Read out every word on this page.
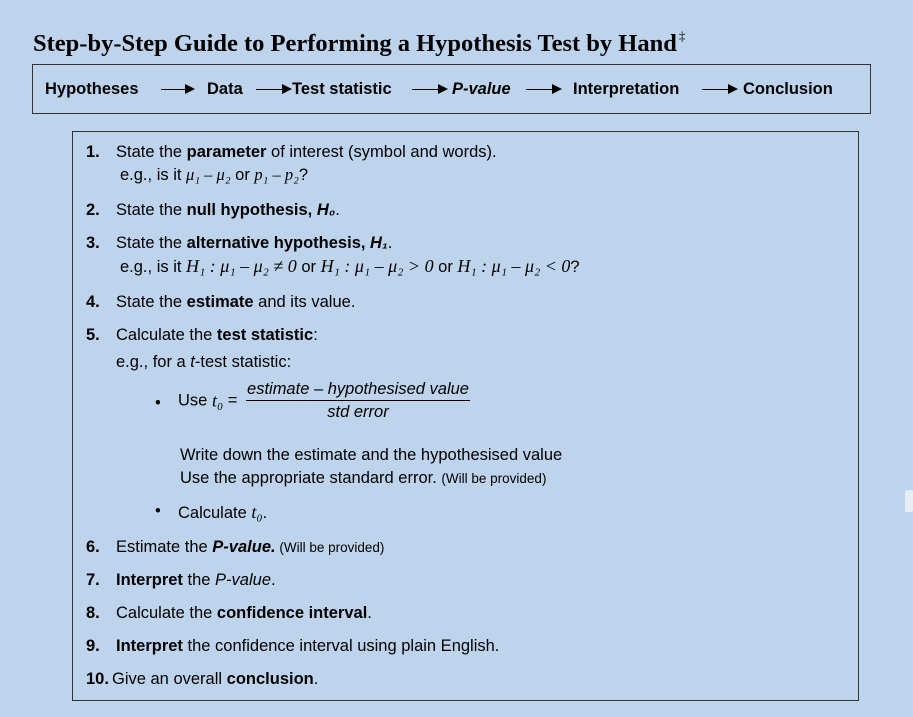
Step-by-Step Guide to Performing a Hypothesis Test by Hand ‡
Hypotheses	Data	Test statistic	P-value	Interpretation	Conclusion
1. State the parameter of interest (symbol and words).
e.g., is it μ₁ – μ₂ or p₁ – p₂?
2. State the null hypothesis, H₀.
3. State the alternative hypothesis, H₁.
e.g., is it H₁ : μ₁ – μ₂ ≠ 0 or H₁ : μ₁ – μ₂ > 0 or H₁ : μ₁ – μ₂ < 0?
4. State the estimate and its value.
5. Calculate the test statistic:
e.g., for a t-test statistic:
• Use $t_0 = \frac{\text{estimate – hypothesised value}}{\text{std error}}$
Write down the estimate and the hypothesised value
Use the appropriate standard error. (Will be provided)
• Calculate t₀.
6. Estimate the P-value. (Will be provided)
7. Interpret the P-value.
8. Calculate the confidence interval.
9. Interpret the confidence interval using plain English.
10. Give an overall conclusion.
